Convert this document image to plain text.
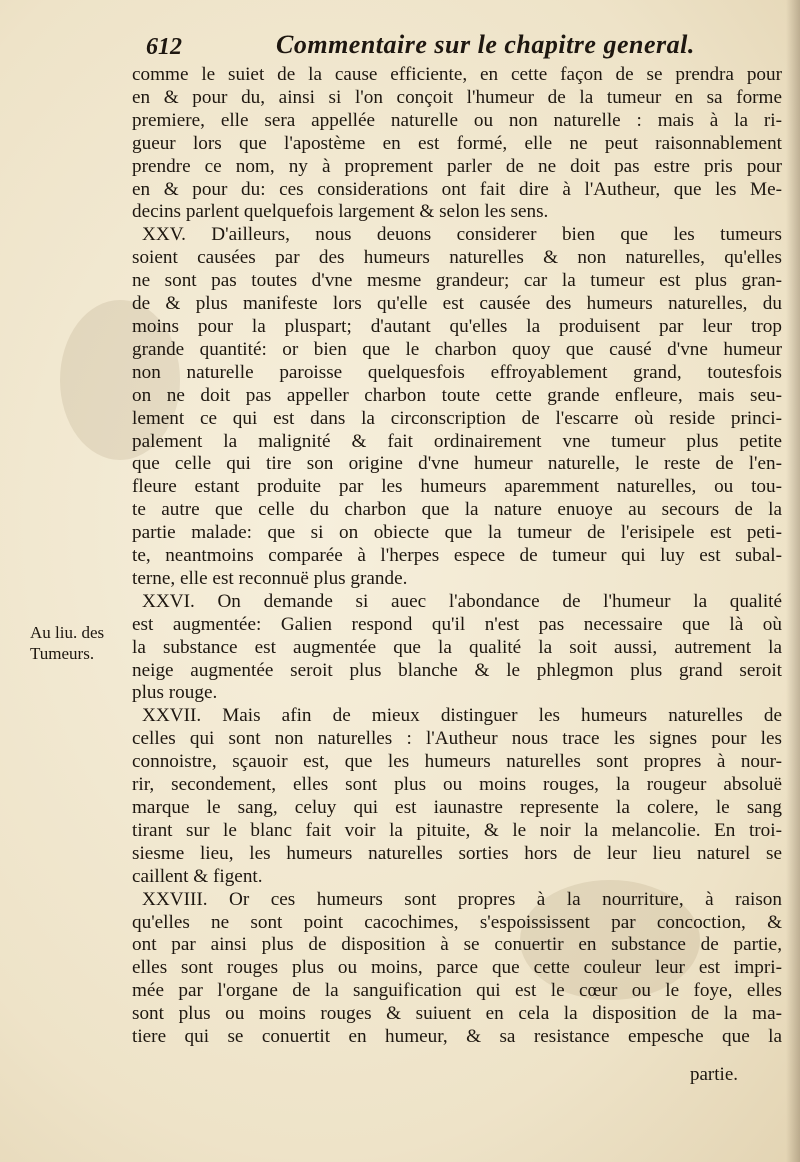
612	Commentaire sur le chapitre general.
Au liu. des
Tumeurs.
comme le suiet de la cause efficiente, en cette façon de se prendra pour
en & pour du, ainsi si l'on conçoit l'humeur de la tumeur en sa forme
premiere, elle sera appellée naturelle ou non naturelle : mais à la ri-
gueur lors que l'apostème en est formé, elle ne peut raisonnablement
prendre ce nom, ny à proprement parler de ne doit pas estre pris pour
en & pour du: ces considerations ont fait dire à l'Autheur, que les Me-
decins parlent quelquefois largement & selon les sens.
XXV. D'ailleurs, nous deuons considerer bien que les tumeurs
soient causées par des humeurs naturelles & non naturelles, qu'elles
ne sont pas toutes d'vne mesme grandeur; car la tumeur est plus gran-
de & plus manifeste lors qu'elle est causée des humeurs naturelles, du
moins pour la pluspart; d'autant qu'elles la produisent par leur trop
grande quantité: or bien que le charbon quoy que causé d'vne humeur
non naturelle paroisse quelquesfois effroyablement grand, toutesfois
on ne doit pas appeller charbon toute cette grande enfleure, mais seu-
lement ce qui est dans la circonscription de l'escarre où reside princi-
palement la malignité & fait ordinairement vne tumeur plus petite
que celle qui tire son origine d'vne humeur naturelle, le reste de l'en-
fleure estant produite par les humeurs aparemment naturelles, ou tou-
te autre que celle du charbon que la nature enuoye au secours de la
partie malade: que si on obiecte que la tumeur de l'erisipele est peti-
te, neantmoins comparée à l'herpes espece de tumeur qui luy est subal-
terne, elle est reconnuë plus grande.
XXVI. On demande si auec l'abondance de l'humeur la qualité
est augmentée: Galien respond qu'il n'est pas necessaire que là où
la substance est augmentée que la qualité la soit aussi, autrement la
neige augmentée seroit plus blanche & le phlegmon plus grand seroit
plus rouge.
XXVII. Mais afin de mieux distinguer les humeurs naturelles de
celles qui sont non naturelles : l'Autheur nous trace les signes pour les
connoistre, sçauoir est, que les humeurs naturelles sont propres à nour-
rir, secondement, elles sont plus ou moins rouges, la rougeur absoluë
marque le sang, celuy qui est iaunastre represente la colere, le sang
tirant sur le blanc fait voir la pituite, & le noir la melancolie. En troi-
siesme lieu, les humeurs naturelles sorties hors de leur lieu naturel se
caillent & figent.
XXVIII. Or ces humeurs sont propres à la nourriture, à raison
qu'elles ne sont point cacochimes, s'espoississent par concoction, &
ont par ainsi plus de disposition à se conuertir en substance de partie,
elles sont rouges plus ou moins, parce que cette couleur leur est impri-
mée par l'organe de la sanguification qui est le cœur ou le foye, elles
sont plus ou moins rouges & suiuent en cela la disposition de la ma-
tiere qui se conuertit en humeur, & sa resistance empesche que la
partie.
